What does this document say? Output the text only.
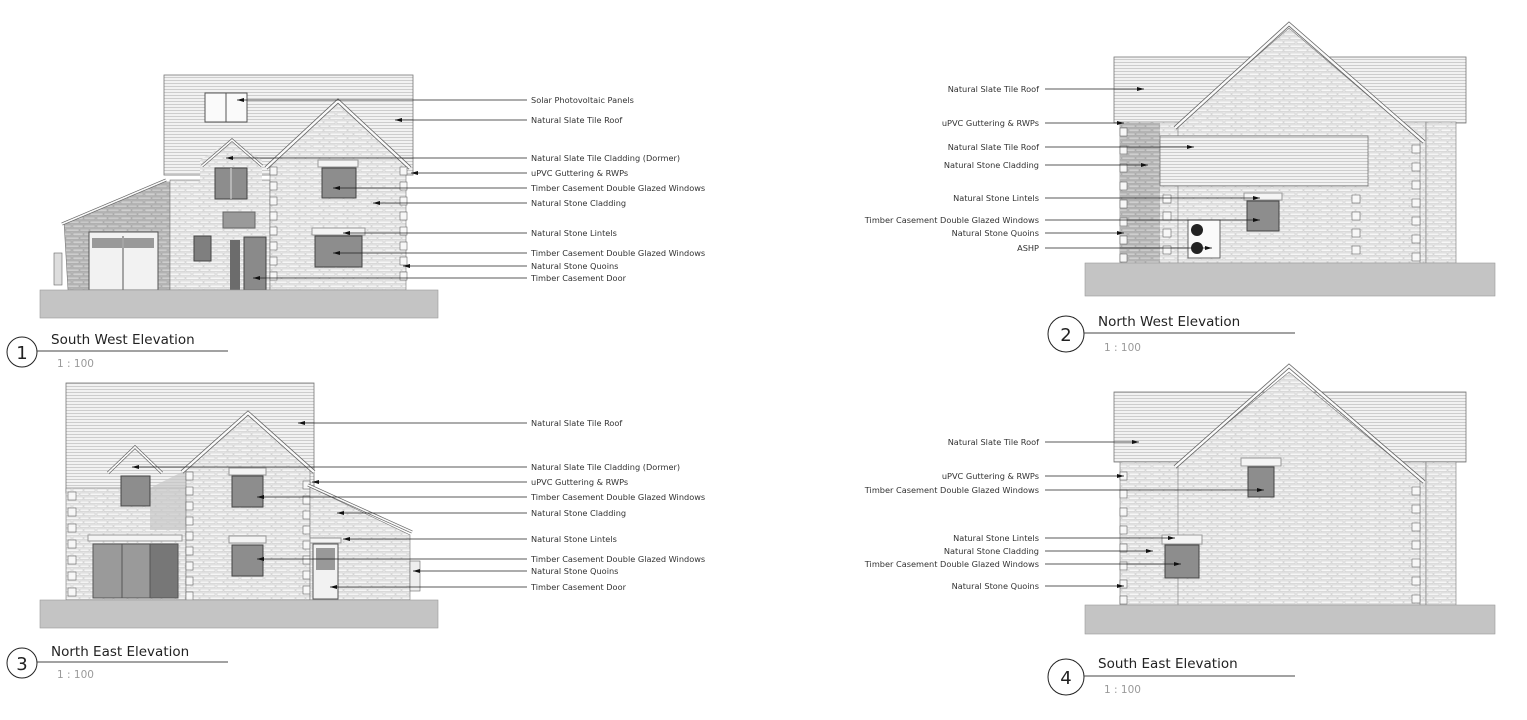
Solar Photovoltaic Panels
Natural Slate Tile Roof
Natural Slate Tile Cladding (Dormer)
uPVC Guttering & RWPs
Timber Casement Double Glazed Windows
Natural Stone Cladding
Natural Stone Lintels
Timber Casement Double Glazed Windows
Natural Stone Quoins
Timber Casement Door
1
South West Elevation
1 : 100
Natural Slate Tile Roof
Natural Slate Tile Cladding (Dormer)
uPVC Guttering & RWPs
Timber Casement Double Glazed Windows
Natural Stone Cladding
Natural Stone Lintels
Timber Casement Double Glazed Windows
Natural Stone Quoins
Timber Casement Door
3
North East Elevation
1 : 100
Natural Slate Tile Roof
uPVC Guttering & RWPs
Natural Slate Tile Roof
Natural Stone Cladding
Natural Stone Lintels
Timber Casement Double Glazed Windows
Natural Stone Quoins
ASHP
2
North West Elevation
1 : 100
Natural Slate Tile Roof
uPVC Guttering & RWPs
Timber Casement Double Glazed Windows
Natural Stone Lintels
Natural Stone Cladding
Timber Casement Double Glazed Windows
Natural Stone Quoins
4
South East Elevation
1 : 100
